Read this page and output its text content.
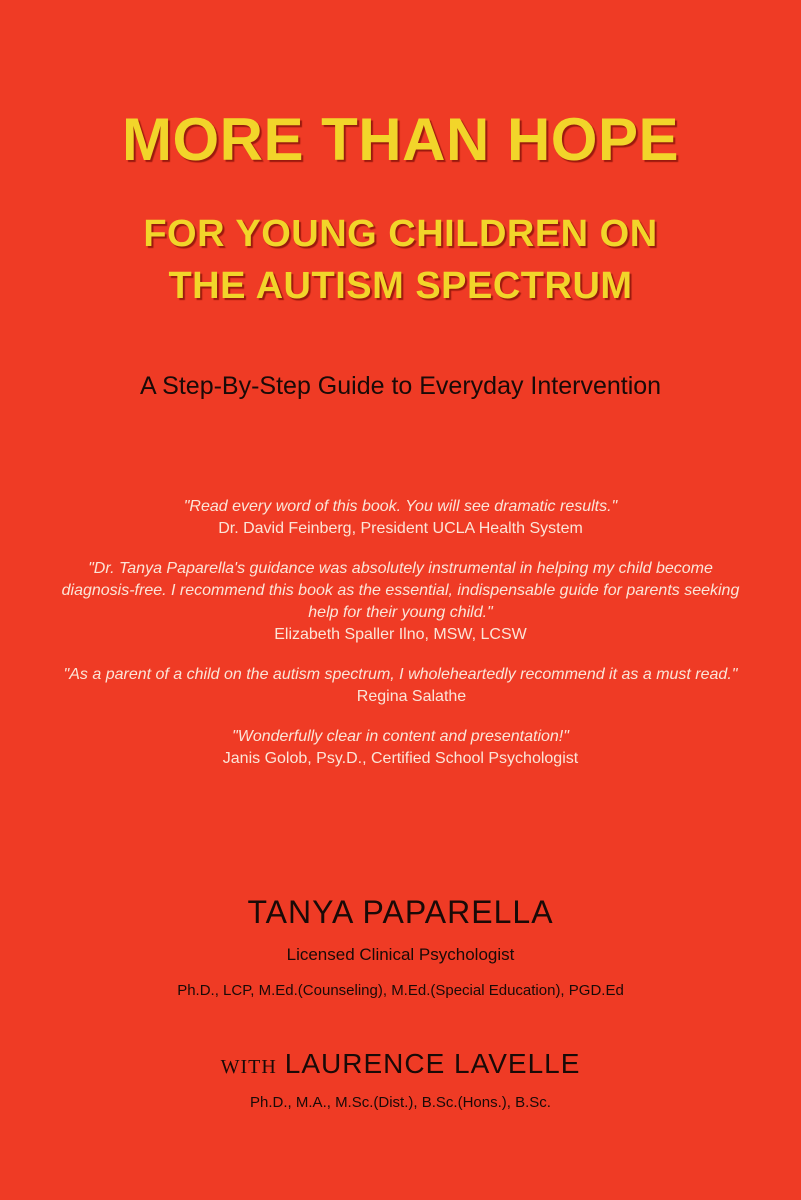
MORE THAN HOPE
FOR YOUNG CHILDREN ON
THE AUTISM SPECTRUM

A Step-By-Step Guide to Everyday Intervention

"Read every word of this book. You will see dramatic results."
Dr. David Feinberg, President UCLA Health System
"Dr. Tanya Paparella's guidance was absolutely instrumental in helping my child become diagnosis-free. I recommend this book as the essential, indispensable guide for parents seeking help for their young child."
Elizabeth Spaller Ilno, MSW, LCSW
"As a parent of a child on the autism spectrum, I wholeheartedly recommend it as a must read." Regina Salathe
"Wonderfully clear in content and presentation!"
Janis Golob, Psy.D., Certified School Psychologist

TANYA PAPARELLA

Licensed Clinical Psychologist

Ph.D., LCP, M.Ed.(Counseling), M.Ed.(Special Education), PGD.Ed

WITH LAURENCE LAVELLE

Ph.D., M.A., M.Sc.(Dist.), B.Sc.(Hons.), B.Sc.
